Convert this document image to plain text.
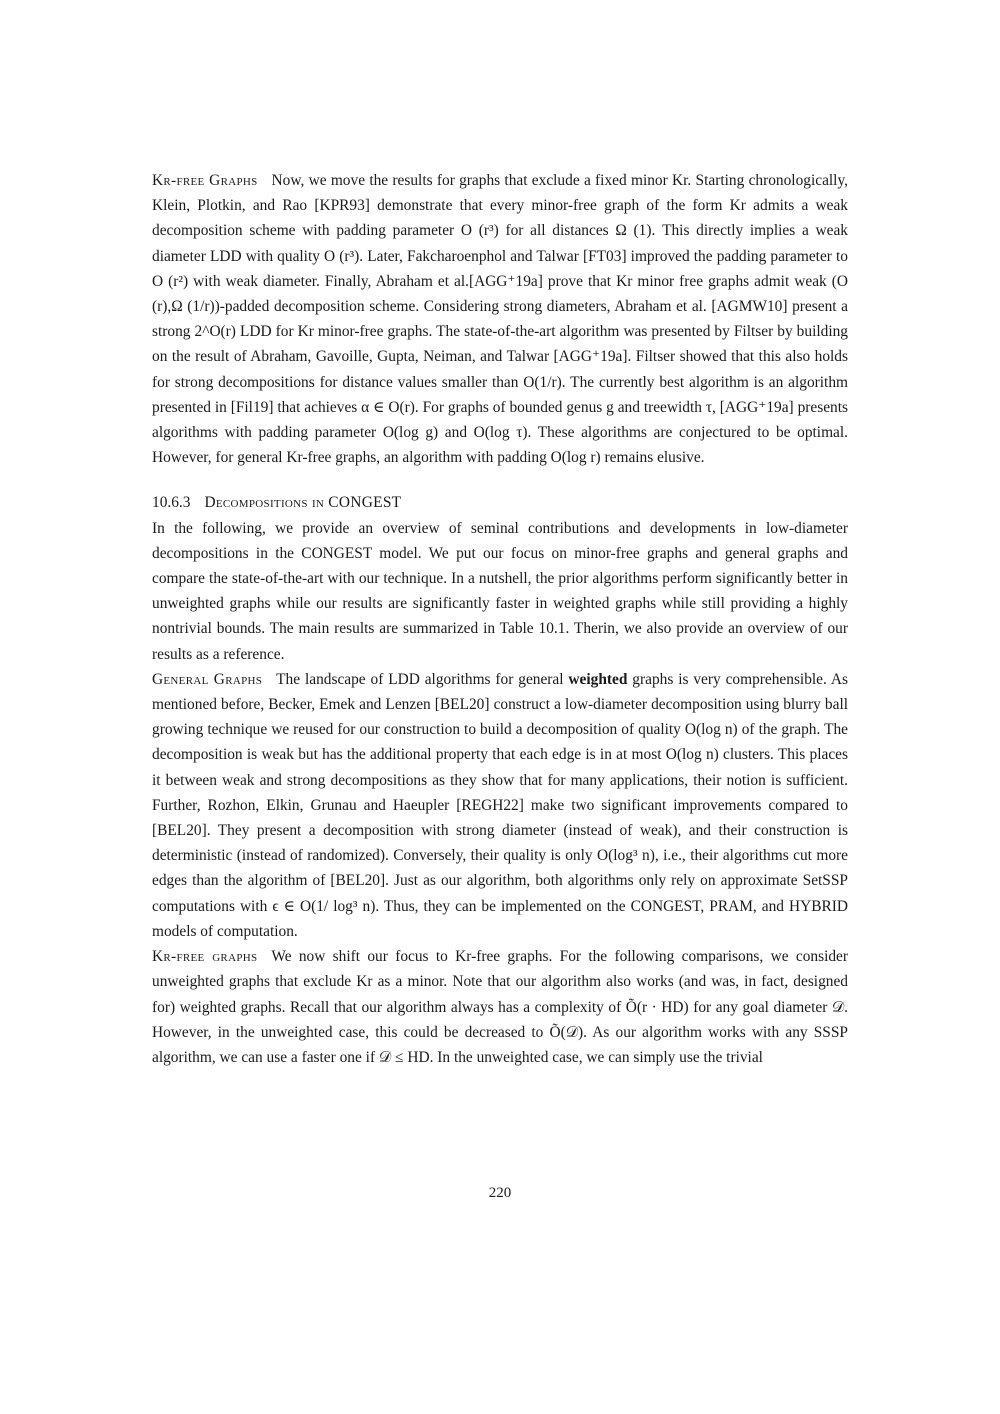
Kr-free Graphs Now, we move the results for graphs that exclude a fixed minor Kr. Starting chronologically, Klein, Plotkin, and Rao [KPR93] demonstrate that every minor-free graph of the form Kr admits a weak decomposition scheme with padding parameter O (r³) for all distances Ω (1). This directly implies a weak diameter LDD with quality O (r³). Later, Fakcharoenphol and Talwar [FT03] improved the padding parameter to O (r²) with weak diameter. Finally, Abraham et al.[AGG⁺19a] prove that Kr minor free graphs admit weak (O (r),Ω (1/r))-padded decomposition scheme. Considering strong diameters, Abraham et al. [AGMW10] present a strong 2^O(r) LDD for Kr minor-free graphs. The state-of-the-art algorithm was presented by Filtser by building on the result of Abraham, Gavoille, Gupta, Neiman, and Talwar [AGG⁺19a]. Filtser showed that this also holds for strong decompositions for distance values smaller than O(1/r). The currently best algorithm is an algorithm presented in [Fil19] that achieves α ∈ O(r). For graphs of bounded genus g and treewidth τ, [AGG⁺19a] presents algorithms with padding parameter O(log g) and O(log τ). These algorithms are conjectured to be optimal. However, for general Kr-free graphs, an algorithm with padding O(log r) remains elusive.

10.6.3 Decompositions in CONGEST

In the following, we provide an overview of seminal contributions and developments in low-diameter decompositions in the CONGEST model. We put our focus on minor-free graphs and general graphs and compare the state-of-the-art with our technique. In a nutshell, the prior algorithms perform significantly better in unweighted graphs while our results are significantly faster in weighted graphs while still providing a highly nontrivial bounds. The main results are summarized in Table 10.1. Therin, we also provide an overview of our results as a reference.

General Graphs The landscape of LDD algorithms for general weighted graphs is very comprehensible. As mentioned before, Becker, Emek and Lenzen [BEL20] construct a low-diameter decomposition using blurry ball growing technique we reused for our construction to build a decomposition of quality O(log n) of the graph. The decomposition is weak but has the additional property that each edge is in at most O(log n) clusters. This places it between weak and strong decompositions as they show that for many applications, their notion is sufficient. Further, Rozhon, Elkin, Grunau and Haeupler [REGH22] make two significant improvements compared to [BEL20]. They present a decomposition with strong diameter (instead of weak), and their construction is deterministic (instead of randomized). Conversely, their quality is only O(log³ n), i.e., their algorithms cut more edges than the algorithm of [BEL20]. Just as our algorithm, both algorithms only rely on approximate SetSSP computations with ϵ ∈ O(1/ log³ n). Thus, they can be implemented on the CONGEST, PRAM, and HYBRID models of computation.

Kr-free graphs We now shift our focus to Kr-free graphs. For the following comparisons, we consider unweighted graphs that exclude Kr as a minor. Note that our algorithm also works (and was, in fact, designed for) weighted graphs. Recall that our algorithm always has a complexity of Õ(r · HD) for any goal diameter 𝒟. However, in the unweighted case, this could be decreased to Õ(𝒟). As our algorithm works with any SSSP algorithm, we can use a faster one if 𝒟 ≤ HD. In the unweighted case, we can simply use the trivial

220
